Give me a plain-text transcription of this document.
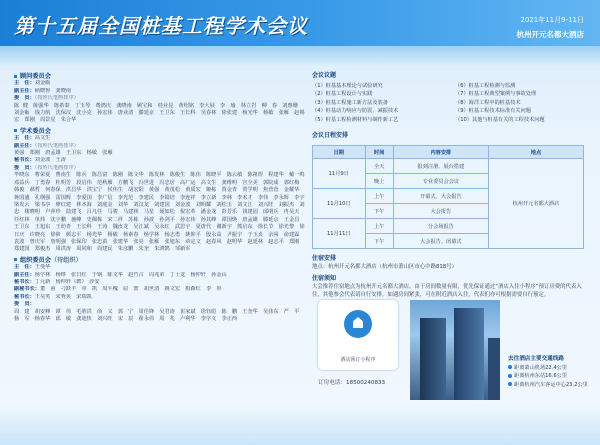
第十五届全国桩基工程学术会议	2021年11月9-11日
杭州开元名都大酒店
顾问委员会
主　任：刘金砺
副主任：顾晓鲁　龚晓南
委　员：（按姓氏笔画排序）
陈 健　陈强华　陈希泰　丁玉琴　费鸿庆　龚晓南　顾宝和　桂业昆　黄绍铭　李大展　李　瑜　林立岩　柳　春　刘惠珊　刘金砺　钱力航　沈保汉　沈小克　孙宏伟　唐业清　滕延京　王卫东　王长科　吴春林　徐张建　杨光华　杨敏　张雁　赵锡宏　郑刚　周景星　朱合华
学术委员会
主　任：高文生
副主任：（按姓氏笔画排序）
黄强　郑刚　唐孟雄　王卫东　杨敏　张雁
秘书长：刘金波　王涛
委　员：（按姓氏笔画排序）
毕晓东　曹荣夏　曹南生　陈兵　陈昌富　陈刚　陈文华　陈发林　陈俊生　陈伟　陈晓平　陈云敏　陈祖煜　程建华　戴一鸣　邓益兵　丁勇春　杜明芳　段启伟　范秋雁　方鹏飞　冯世进　冯忠居　高广运　高文生　龚维明　宫全美　郭院成　郭红梅　韩俊　郝哲　何春保　洪昌华　洪宝宁　侯伟生　胡宏阳　黄强　黄茂松　黄质宏　姬栋　贾金青　贾学明　焦营营　金耀华　蒋国盛　孔纲强　雷国辉　李爱国　李广信　李光范　李建民　李镜培　李连祥　李立新　李林　李术才　李伟　李永辉　李宇　梁发云　梁书亭　廖红建　林本海　刘庭金　刘华　刘汉龙　刘建国　刘金波　刘明耀　刘松玉　刘文江　刘兴旺　刘振杰　刘忠　楼晓明　卢萍珍　陆建飞　吕凡任　马骏　马建林　马星　聂如松　倪宏革　潘金龙　彭芳乐　钱建固　邱明兵　冉昊天　任红林　单炜　沈宇鹏　施峰　史佩栋　宋二祥　苏栋　孙波　孙剑平　孙宏伟　孙其峰　谭国焕　唐孟雄　滕延京　王金昌　王卫东　王旭东　王幼青　王长科　王涛　魏汝龙　吴江斌　吴永红　武思宇　夏唐代　谢新宇　熊启东　徐长节　徐光黎　徐日庆　许晓亮　徐筱　颜志平　杨光华　杨敏　杨素春　杨学林　杨志勇　姚仰平　殷永高　尹振宇　于玉贞　余闯　俞建霖　袁波　曾庆军　詹明强　张保印　张忠苗　张建华　张亮　张雁　张旭东　章定文　赵春风　赵明华　赵延林　赵志平　郑刚　郑建国　郑俊杰　周洪涛　周同和　周建民　朱彦鹏　朱奎　朱鸿鹄　邹新军
组织委员会（待组织）
主　任：王曼华
副主任：杨学林　杨桦　张日红　于钢　陈文华　赵竹占　周兆弟　丁士龙　杨仲轩　孙金山
秘书长：丁元新　杨仲轩（聘）　沙安
副秘书长：董　甫　刁跃丰　章　凯　周平槐　屈　蕾　胡世清　姚文宏　相森红　李　彤
秘书长：王昊笑　宋秀英　宋瑞凯
委　员：
周　建　胡安峰　谭　伟　毛胜洪　俞　义　郭　宁　周佳锋　吴君涛　崔家斌　徐钰彪　陈　鹏　王奎华　吴伟东　严　平　杨　军　杨春华　邱　敏　龚迪快　刘兴旺　宋　辰　翟永伟　周　兆　卢利华　李学文　李正西
会议议题
（1）桩基基本理论与试验研究	（6）桩基工程检测与监测
（2）桩基工程设计与实践	（7）桩基工程典型案例与事故处理
（3）桩基工程施工新方法及装备	（8）海洋工程中的桩基技术
（4）桩基动力响应与防震、减振技术	（9）桩基工程技术标准有关问题
（5）桩基工程检测材料与制作新工艺	（10）其他与桩基有关的工程技术问题
会议日程安排
日期	时间	内容安排	地点
11月9日	全天	报到注册、展台搭建	杭州开元名都大酒店
	晚上	专业委员会会议	
11月10日	上午	开幕式、大会报告	
	下午	大会报告	
11月11日	上午	分会场报告	
	下午	大会报告、闭幕式	
住宿安排
地点：杭州开元名都大酒店（杭州市萧山区市心中路818号）
住宿须知
大会推荐住宿地点为杭州开元名都大酒店，由于房间数量有限，优先保证通过“酒店入住小程序”预订房费的代表入住，其他参会代表请自行安排。如遇房间紧张，可在附近酒店入住，代表们亦可根据需要自行预定。
酒店预订小程序
订房电话：18500240833
去往酒店主要交通线路
距离萧山机场22.4公里
距离杭州东站16.6公里
距离杭州汽车客运中心23.2公里
